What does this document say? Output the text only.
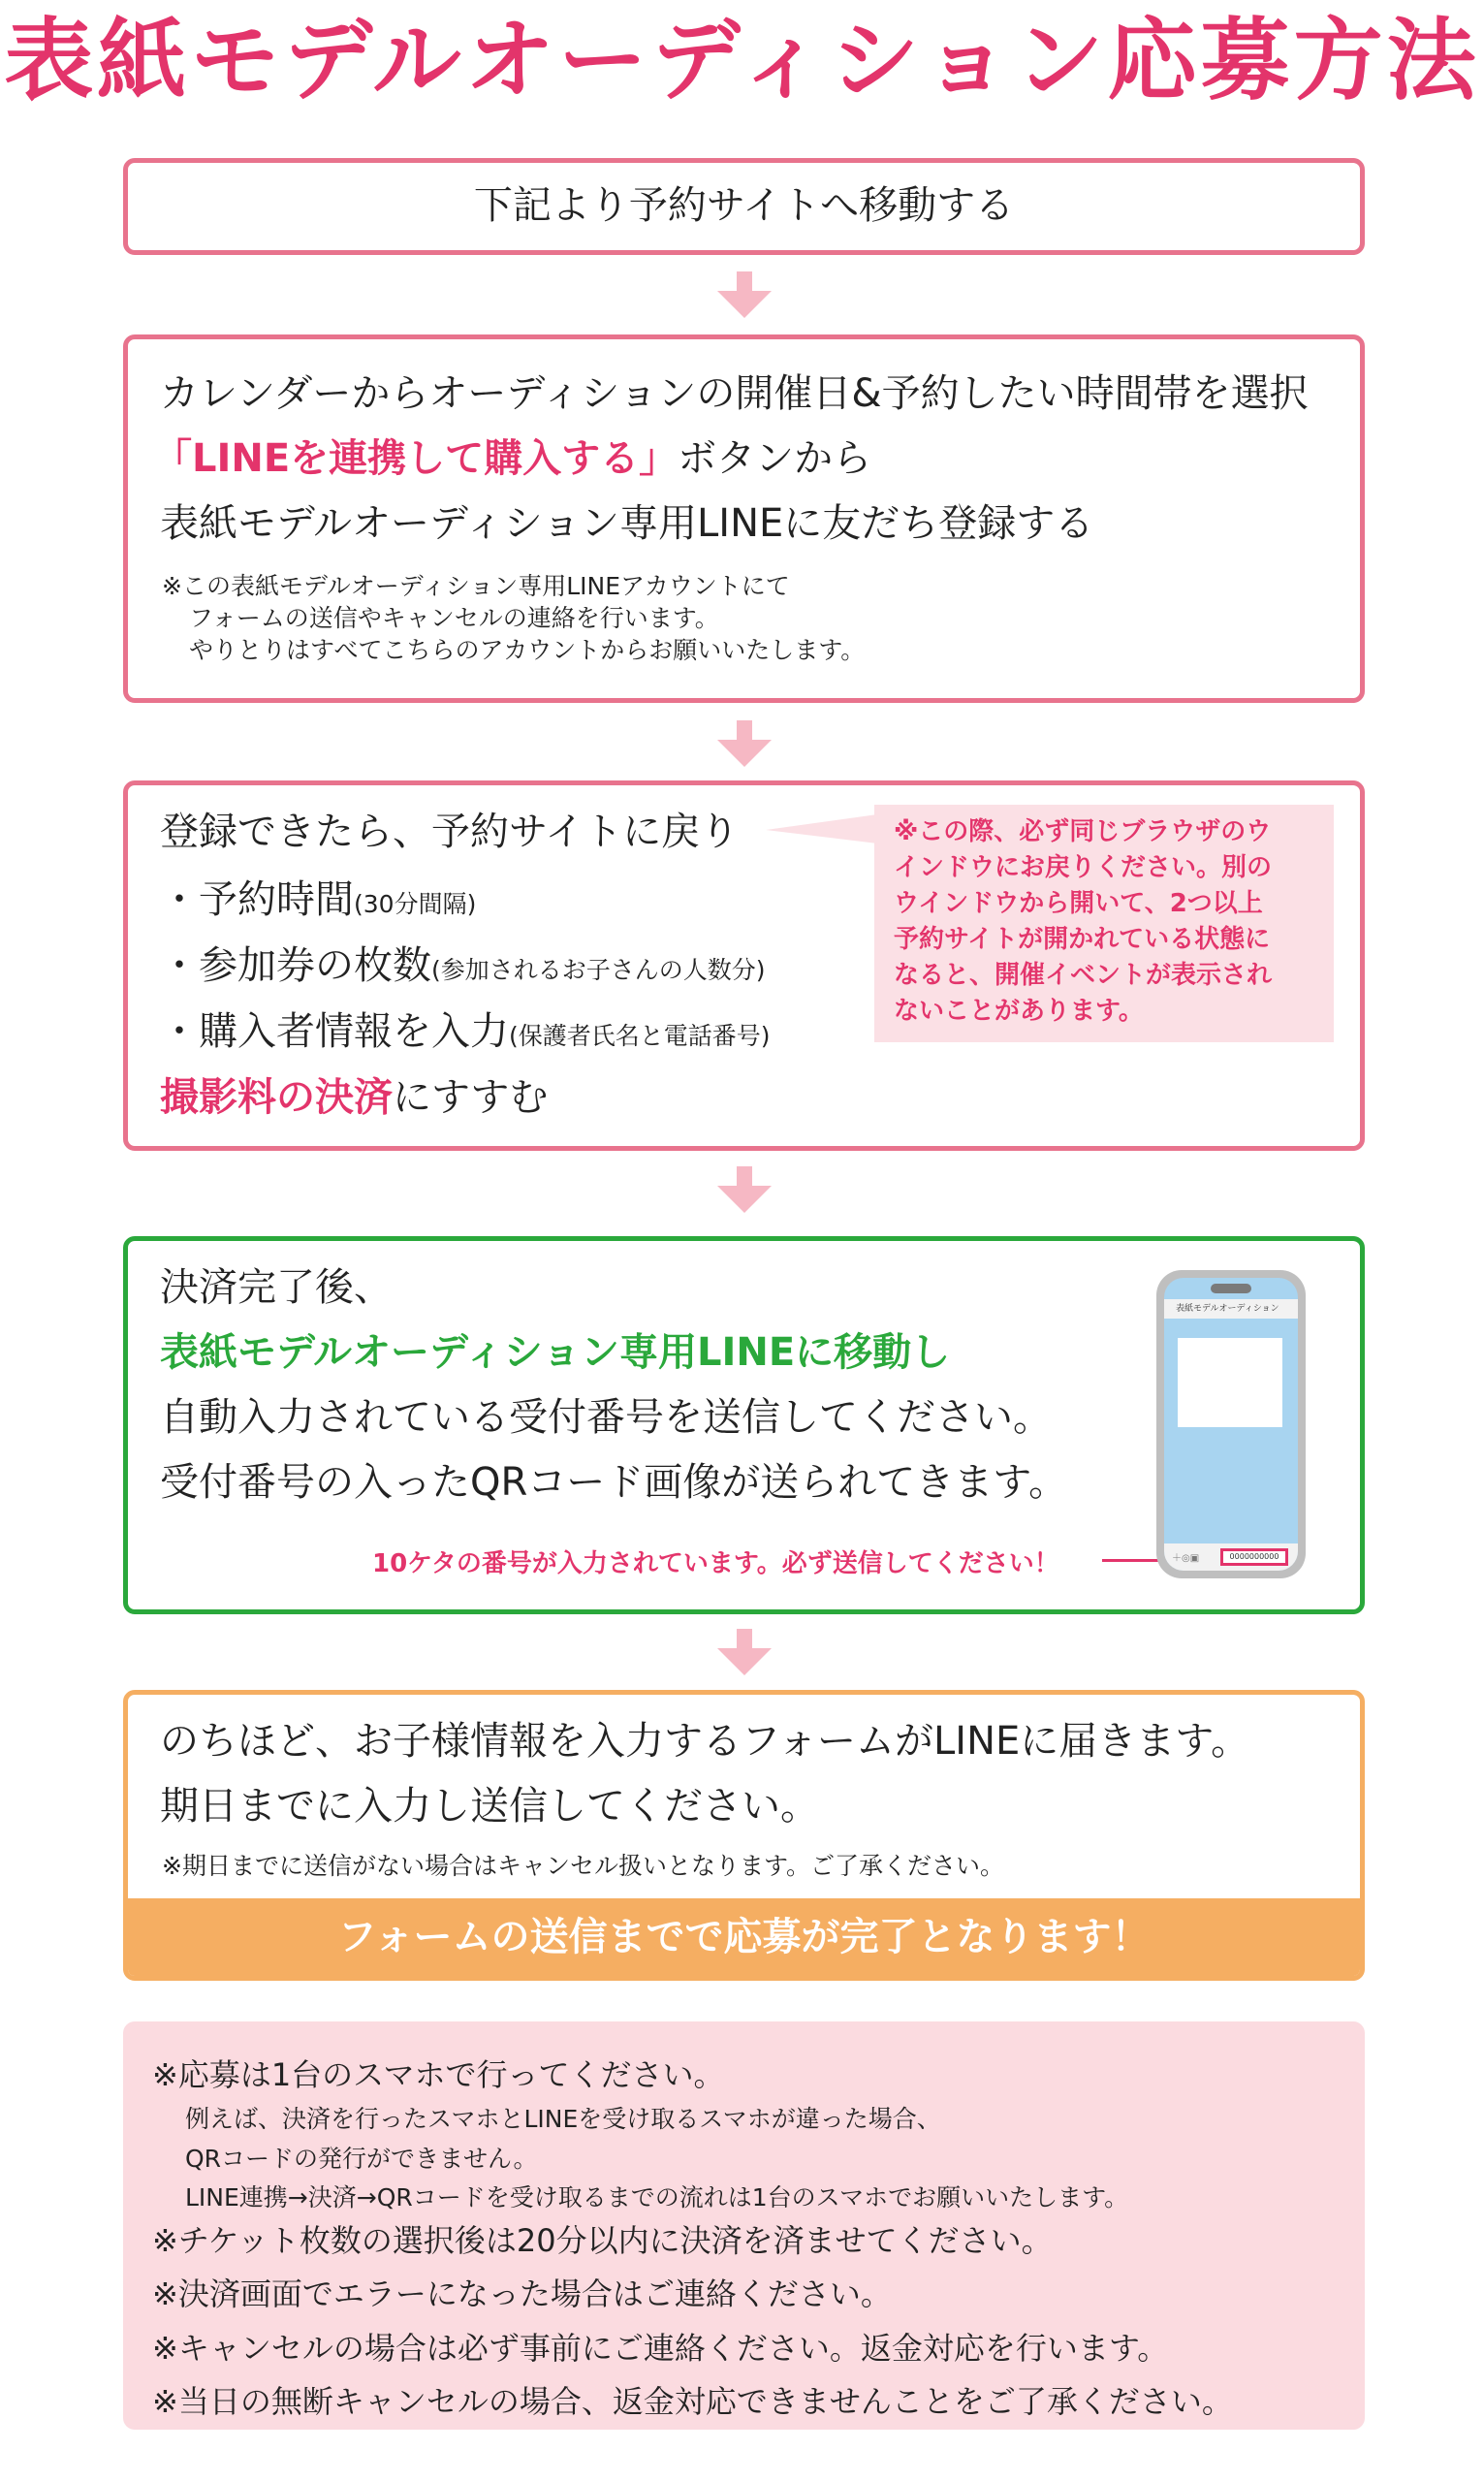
表紙モデルオーディション応募方法
下記より予約サイトへ移動する
カレンダーからオーディションの開催日&予約したい時間帯を選択
「LINEを連携して購入する」ボタンから
表紙モデルオーディション専用LINEに友だち登録する
※この表紙モデルオーディション専用LINEアカウントにて
フォームの送信やキャンセルの連絡を行います。
やりとりはすべてこちらのアカウントからお願いいたします。
登録できたら、予約サイトに戻り
・予約時間(30分間隔)
・参加券の枚数(参加されるお子さんの人数分)
・購入者情報を入力(保護者氏名と電話番号)
撮影料の決済にすすむ
※この際、必ず同じブラウザのウ
インドウにお戻りください。別の
ウインドウから開いて、2つ以上
予約サイトが開かれている状態に
なると、開催イベントが表示され
ないことがあります。
決済完了後、
表紙モデルオーディション専用LINEに移動し
自動入力されている受付番号を送信してください。
受付番号の入ったQRコード画像が送られてきます。
10ケタの番号が入力されています。必ず送信してください！
表紙モデルオーディション
＋◎▣	0000000000
のちほど、お子様情報を入力するフォームがLINEに届きます。
期日までに入力し送信してください。
※期日までに送信がない場合はキャンセル扱いとなります。ご了承ください。
フォームの送信までで応募が完了となります！
※応募は1台のスマホで行ってください。
例えば、決済を行ったスマホとLINEを受け取るスマホが違った場合、
QRコードの発行ができません。
LINE連携→決済→QRコードを受け取るまでの流れは1台のスマホでお願いいたします。
※チケット枚数の選択後は20分以内に決済を済ませてください。
※決済画面でエラーになった場合はご連絡ください。
※キャンセルの場合は必ず事前にご連絡ください。返金対応を行います。
※当日の無断キャンセルの場合、返金対応できませんことをご了承ください。
